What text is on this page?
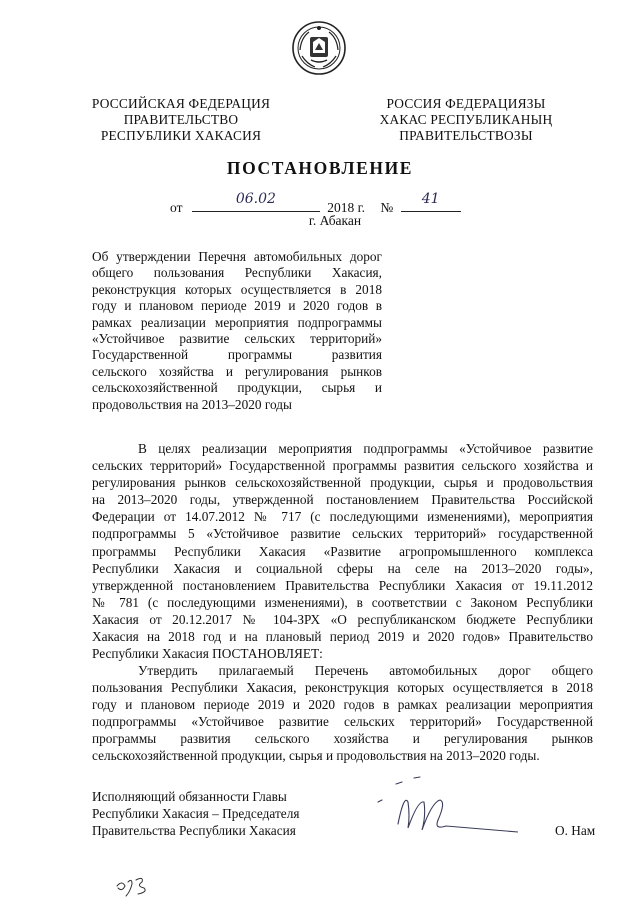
РОССИЙСКАЯ ФЕДЕРАЦИЯ
ПРАВИТЕЛЬСТВО
РЕСПУБЛИКИ ХАКАСИЯ
РОССИЯ ФЕДЕРАЦИЯЗЫ
ХАКАС РЕСПУБЛИКАНЫҢ
ПРАВИТЕЛЬСТВОЗЫ
ПОСТАНОВЛЕНИЕ
от
06.02
2018 г. №
41
г. Абакан
Об утверждении Перечня автомобильных дорог
общего пользования Республики Хакасия,
реконструкция которых осуществляется в 2018
году и плановом периоде 2019 и 2020 годов в
рамках реализации мероприятия подпрограммы
«Устойчивое развитие сельских территорий»
Государственной программы развития
сельского хозяйства и регулирования рынков
сельскохозяйственной продукции, сырья и
продовольствия на 2013–2020 годы
В целях реализации мероприятия подпрограммы «Устойчивое развитие
сельских территорий» Государственной программы развития сельского хозяйства и
регулирования рынков сельскохозяйственной продукции, сырья и продовольствия
на 2013–2020 годы, утвержденной постановлением Правительства Российской
Федерации от 14.07.2012 № 717 (с последующими изменениями), мероприятия
подпрограммы 5 «Устойчивое развитие сельских территорий» государственной
программы Республики Хакасия «Развитие агропромышленного комплекса
Республики Хакасия и социальной сферы на селе на 2013–2020 годы»,
утвержденной постановлением Правительства Республики Хакасия от 19.11.2012
№ 781 (с последующими изменениями), в соответствии с Законом Республики
Хакасия от 20.12.2017 № 104-ЗРХ «О республиканском бюджете Республики
Хакасия на 2018 год и на плановый период 2019 и 2020 годов» Правительство
Республики Хакасия ПОСТАНОВЛЯЕТ:
Утвердить прилагаемый Перечень автомобильных дорог общего
пользования Республики Хакасия, реконструкция которых осуществляется в 2018
году и плановом периоде 2019 и 2020 годов в рамках реализации мероприятия
подпрограммы «Устойчивое развитие сельских территорий» Государственной
программы развития сельского хозяйства и регулирования рынков
сельскохозяйственной продукции, сырья и продовольствия на 2013–2020 годы.
Исполняющий обязанности Главы
Республики Хакасия – Председателя
Правительства Республики Хакасия	О. Нам
